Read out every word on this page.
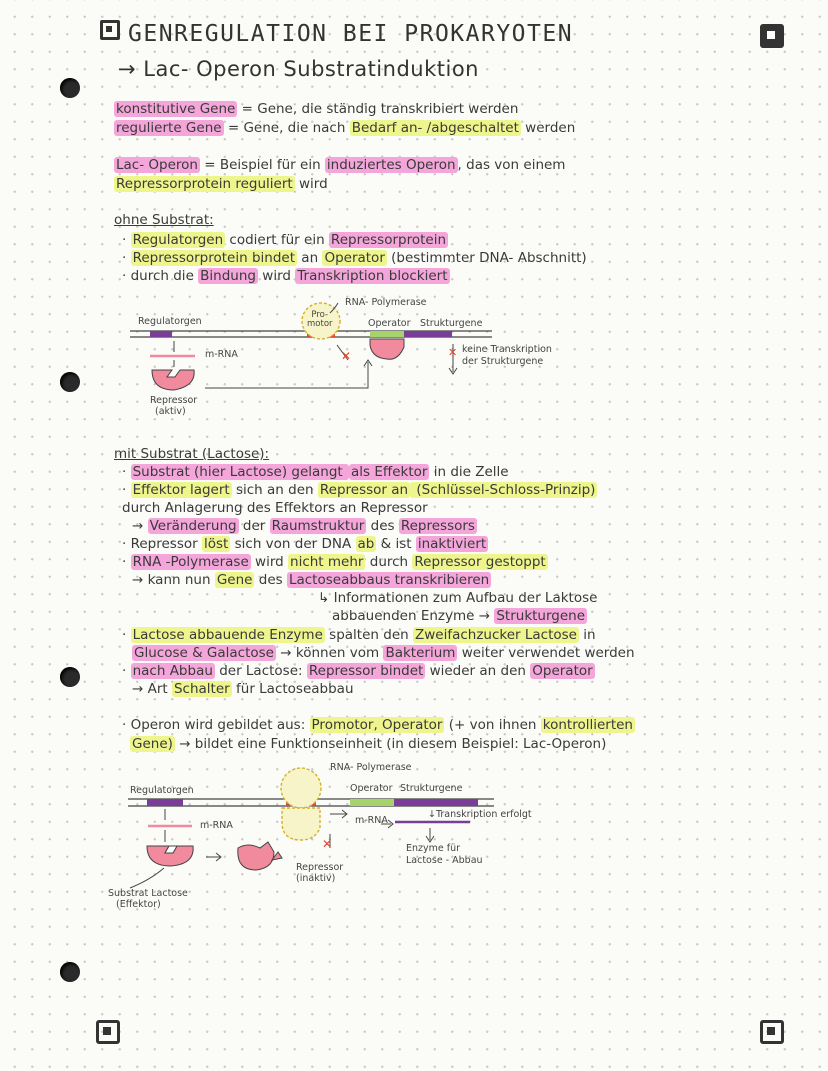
GENREGULATION BEI PROKARYOTEN
→ Lac- Operon Substratinduktion
konstitutive Gene = Gene, die ständig transkribiert werden
regulierte Gene = Gene, die nach Bedarf an- /abgeschaltet werden
Lac- Operon = Beispiel für ein induziertes Operon , das von einem
Repressorprotein reguliert wird
ohne Substrat:
· Regulatorgen codiert für ein Repressorprotein
· Repressorprotein bindet an Operator (bestimmter DNA- Abschnitt)
· durch die Bindung wird Transkription blockiert
✕	✕
RNA- Polymerase
Regulatorgen
Pro-
motor	Operator Strukturgene
m-RNA	keine Transkription
der Strukturgene
Repressor
(aktiv)
mit Substrat (Lactose):
· Substrat (hier Lactose) gelangt als Effektor in die Zelle
· Effektor lagert sich an den Repressor an (Schlüssel-Schloss-Prinzip)
durch Anlagerung des Effektors an Repressor
→ Veränderung der Raumstruktur des Repressors
· Repressor löst sich von der DNA ab & ist inaktiviert
· RNA -Polymerase wird nicht mehr durch Repressor gestoppt
→ kann nun Gene des Lactoseabbaus transkribieren
↳ Informationen zum Aufbau der Laktose
abbauenden Enzyme → Strukturgene
· Lactose abbauende Enzyme spalten den Zweifachzucker Lactose in
Glucose & Galactose → können vom Bakterium weiter verwendet werden
· nach Abbau der Lactose: Repressor bindet wieder an den Operator
→ Art Schalter für Lactoseabbau
· Operon wird gebildet aus: Promotor, Operator (+ von ihnen kontrollierten
Gene) → bildet eine Funktionseinheit (in diesem Beispiel: Lac-Operon)
✕
RNA- Polymerase
Regulatorgen	Operator Strukturgene
m-RNA	m-RNA
↓Transkription erfolgt
Repressor
(inaktiv)
Enzyme für
Lactose - Abbau
Substrat Lactose
(Effektor)
